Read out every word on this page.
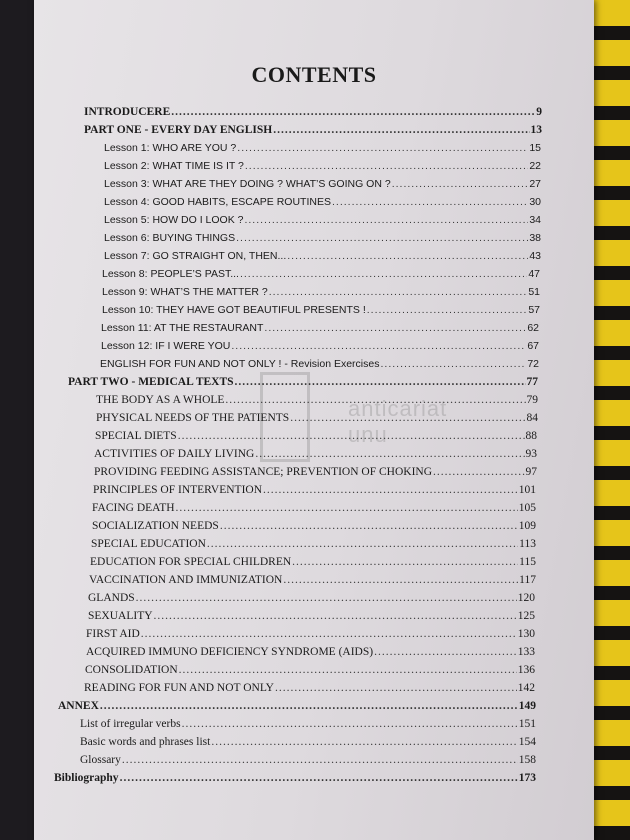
CONTENTS
anticariat unu
INTRODUCERE .....	9
PART ONE - EVERY DAY ENGLISH .....	13
Lesson 1: WHO ARE YOU ? .....	15
Lesson 2: WHAT TIME IS IT ? .....	22
Lesson 3: WHAT ARE THEY DOING ? WHAT’S GOING ON ? .....	27
Lesson 4: GOOD HABITS, ESCAPE ROUTINES .....	30
Lesson 5: HOW DO I LOOK ? .....	34
Lesson 6: BUYING THINGS .....	38
Lesson 7: GO STRAIGHT ON, THEN... .....	43
Lesson 8: PEOPLE’S PAST... .....	47
Lesson 9: WHAT’S THE MATTER ? .....	51
Lesson 10: THEY HAVE GOT BEAUTIFUL PRESENTS ! .....	57
Lesson 11: AT THE RESTAURANT .....	62
Lesson 12: IF I WERE YOU .....	67
ENGLISH FOR FUN AND NOT ONLY ! - Revision Exercises .....	72
PART TWO - MEDICAL TEXTS .....	77
THE BODY AS A WHOLE .....	79
PHYSICAL NEEDS OF THE PATIENTS .....	84
SPECIAL DIETS .....	88
ACTIVITIES OF DAILY LIVING .....	93
PROVIDING FEEDING ASSISTANCE; PREVENTION OF CHOKING .....	97
PRINCIPLES OF INTERVENTION .....	101
FACING DEATH .....	105
SOCIALIZATION NEEDS .....	109
SPECIAL EDUCATION .....	113
EDUCATION FOR SPECIAL CHILDREN .....	115
VACCINATION AND IMMUNIZATION .....	117
GLANDS .....	120
SEXUALITY .....	125
FIRST AID .....	130
ACQUIRED IMMUNO DEFICIENCY SYNDROME (AIDS) .....	133
CONSOLIDATION .....	136
READING FOR FUN AND NOT ONLY .....	142
ANNEX .....	149
List of irregular verbs .....	151
Basic words and phrases list .....	154
Glossary .....	158
Bibliography .....	173
